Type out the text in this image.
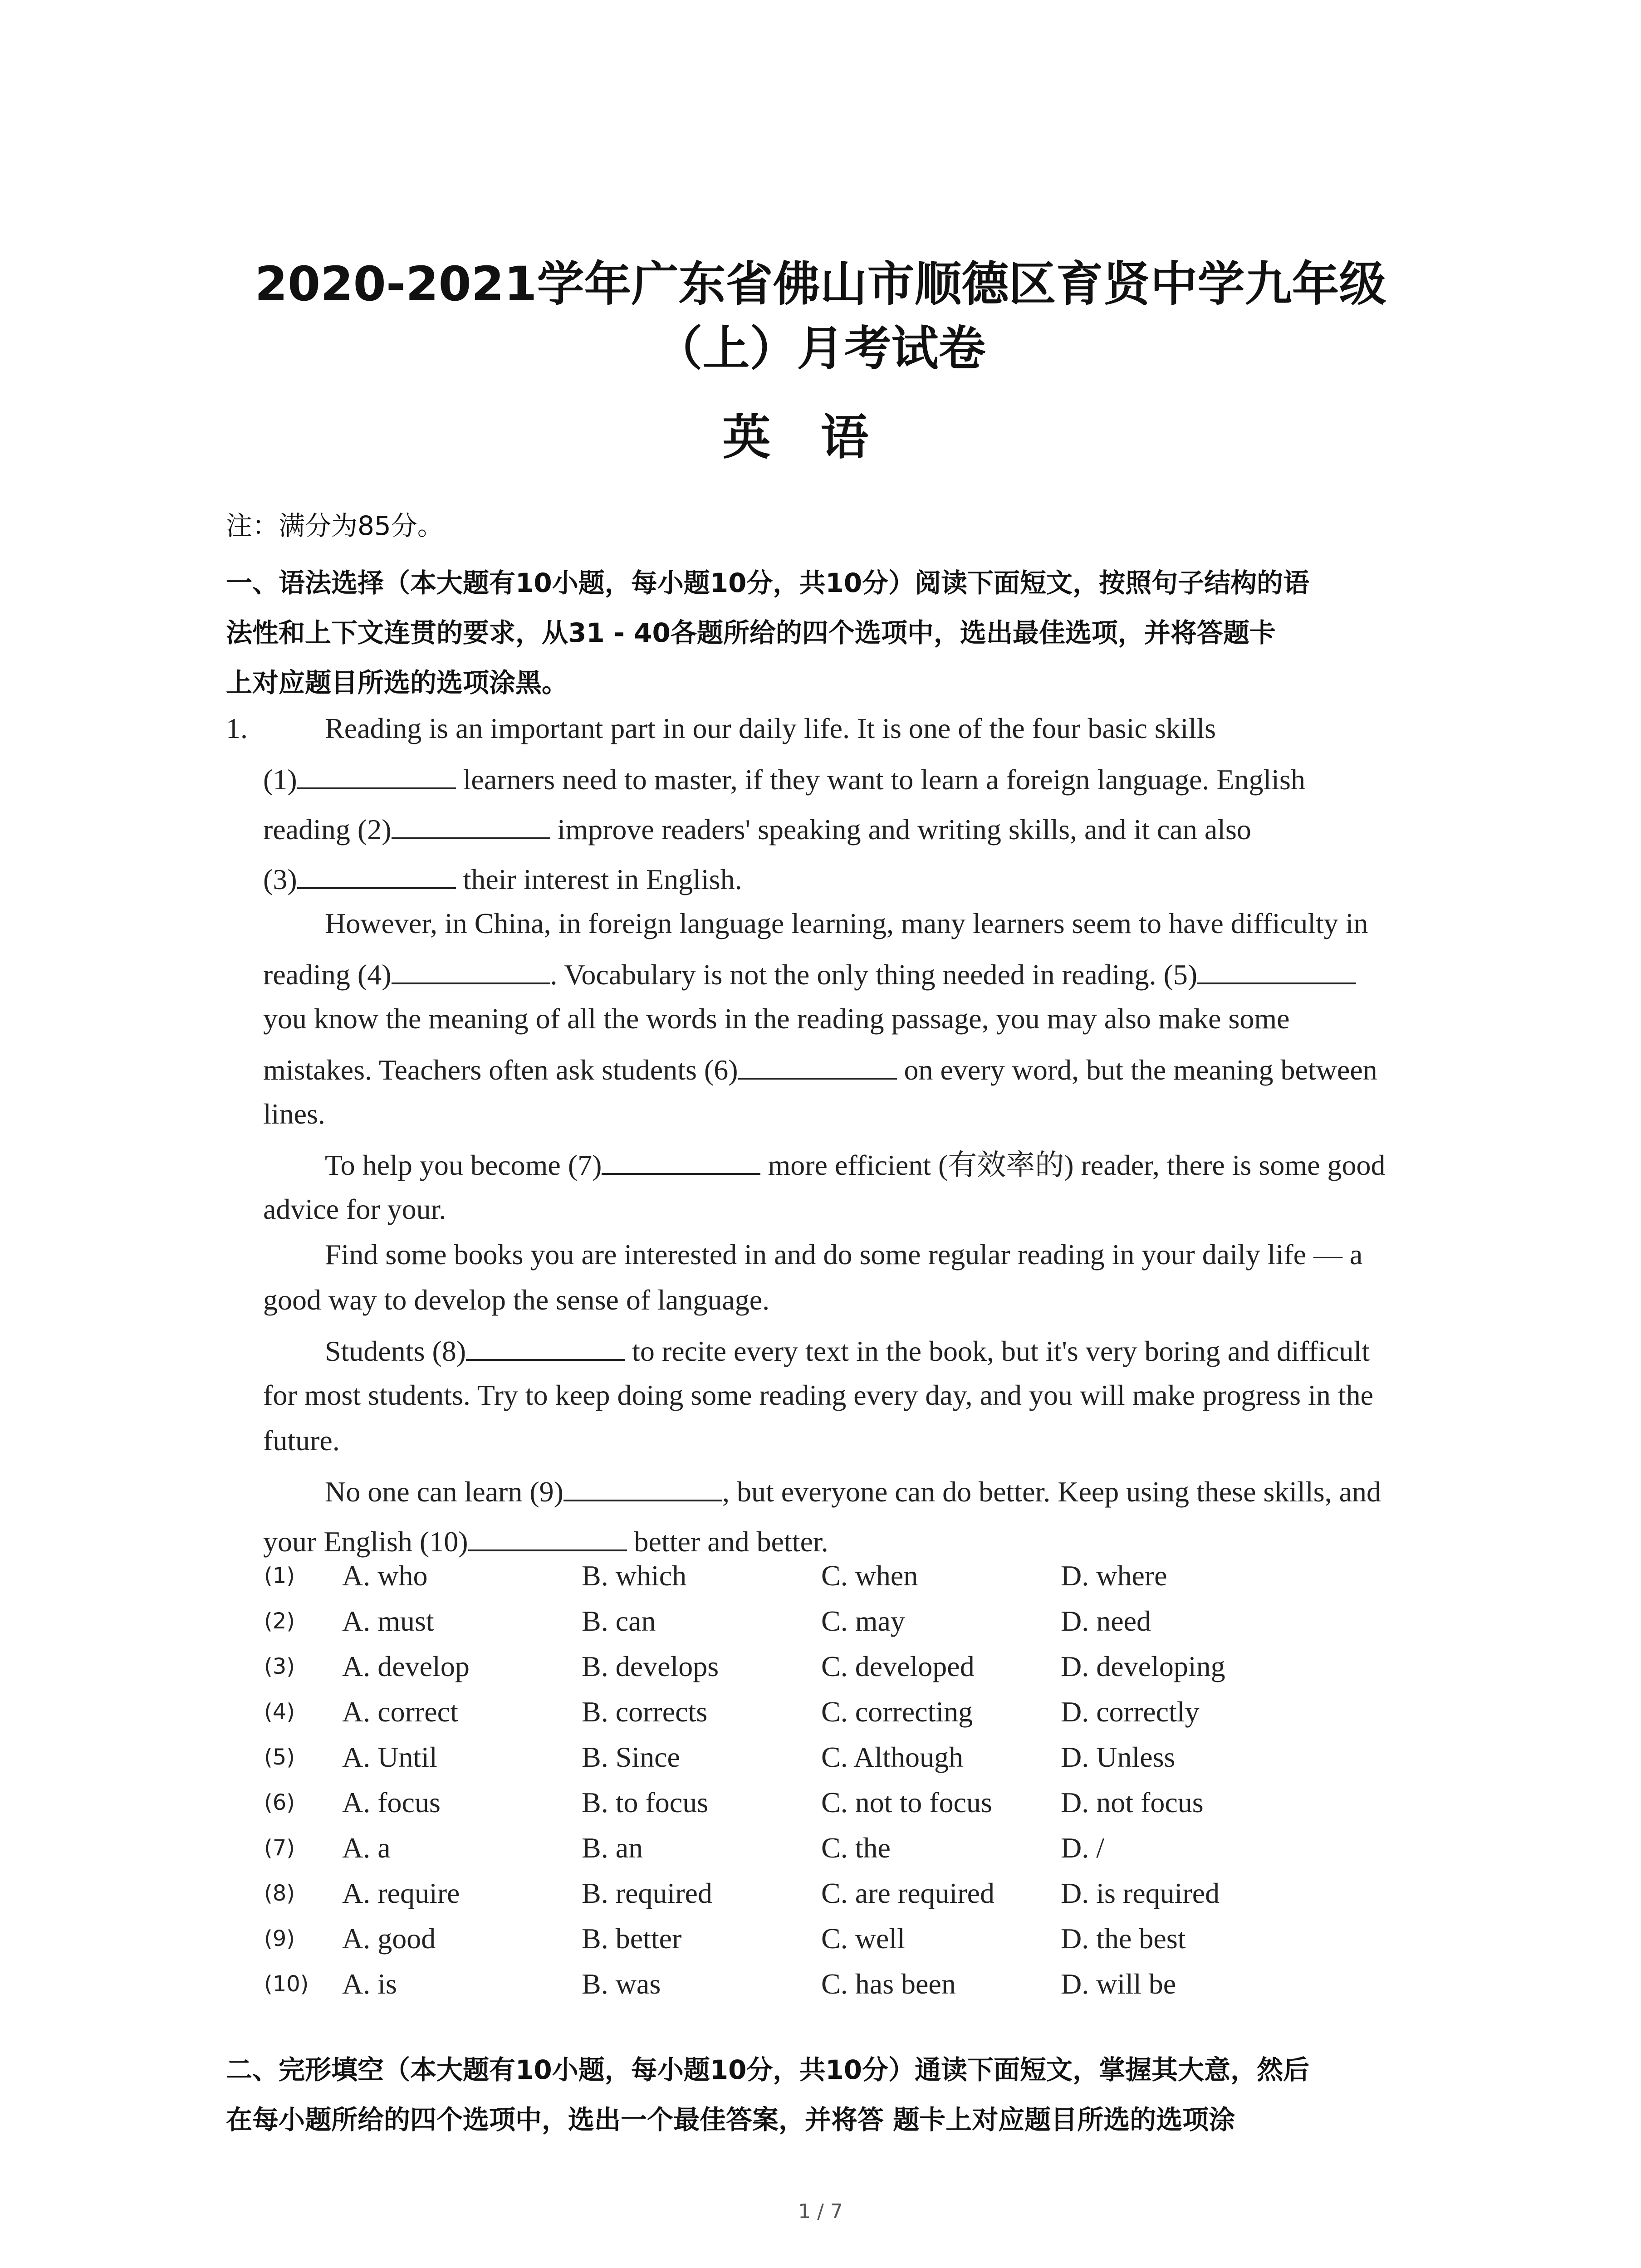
2020-2021学年广东省佛山市顺德区育贤中学九年级
（上）月考试卷
英语
注：满分为85分。
一、语法选择（本大题有10小题，每小题10分，共10分）阅读下面短文，按照句子结构的语
法性和上下文连贯的要求，从31 - 40各题所给的四个选项中，选出最佳选项，并将答题卡
上对应题目所选的选项涂黑。
1.	Reading is an important part in our daily life. It is one of the four basic skills
(1)	learners need to master, if they want to learn a foreign language. English
reading (2)	improve readers' speaking and writing skills, and it can also
(3)	their interest in English.
However, in China, in foreign language learning, many learners seem to have difficulty in
reading (4)	. Vocabulary is not the only thing needed in reading. (5)
you know the meaning of all the words in the reading passage, you may also make some
mistakes. Teachers often ask students (6)	on every word, but the meaning between
lines.
To help you become (7)	more efficient (有效率的) reader, there is some good
advice for your.
Find some books you are interested in and do some regular reading in your daily life — a
good way to develop the sense of language.
Students (8)	to recite every text in the book, but it's very boring and difficult
for most students. Try to keep doing some reading every day, and you will make progress in the
future.
No one can learn (9)	, but everyone can do better. Keep using these skills, and
your English (10)	better and better.
(1) A. who	B. which	C. when	D. where
(2) A. must	B. can	C. may	D. need
(3) A. develop	B. develops	C. developed	D. developing
(4) A. correct	B. corrects	C. correcting	D. correctly
(5) A. Until	B. Since	C. Although	D. Unless
(6) A. focus	B. to focus	C. not to focus D. not focus
(7) A. a	B. an	C. the	D. /
(8) A. require	B. required	C. are required D. is required
(9) A. good	B. better	C. well	D. the best
(10) A. is	B. was	C. has been	D. will be
二、完形填空（本大题有10小题，每小题10分，共10分）通读下面短文，掌握其大意，然后
在每小题所给的四个选项中，选出一个最佳答案，并将答 题卡上对应题目所选的选项涂
1 / 7
